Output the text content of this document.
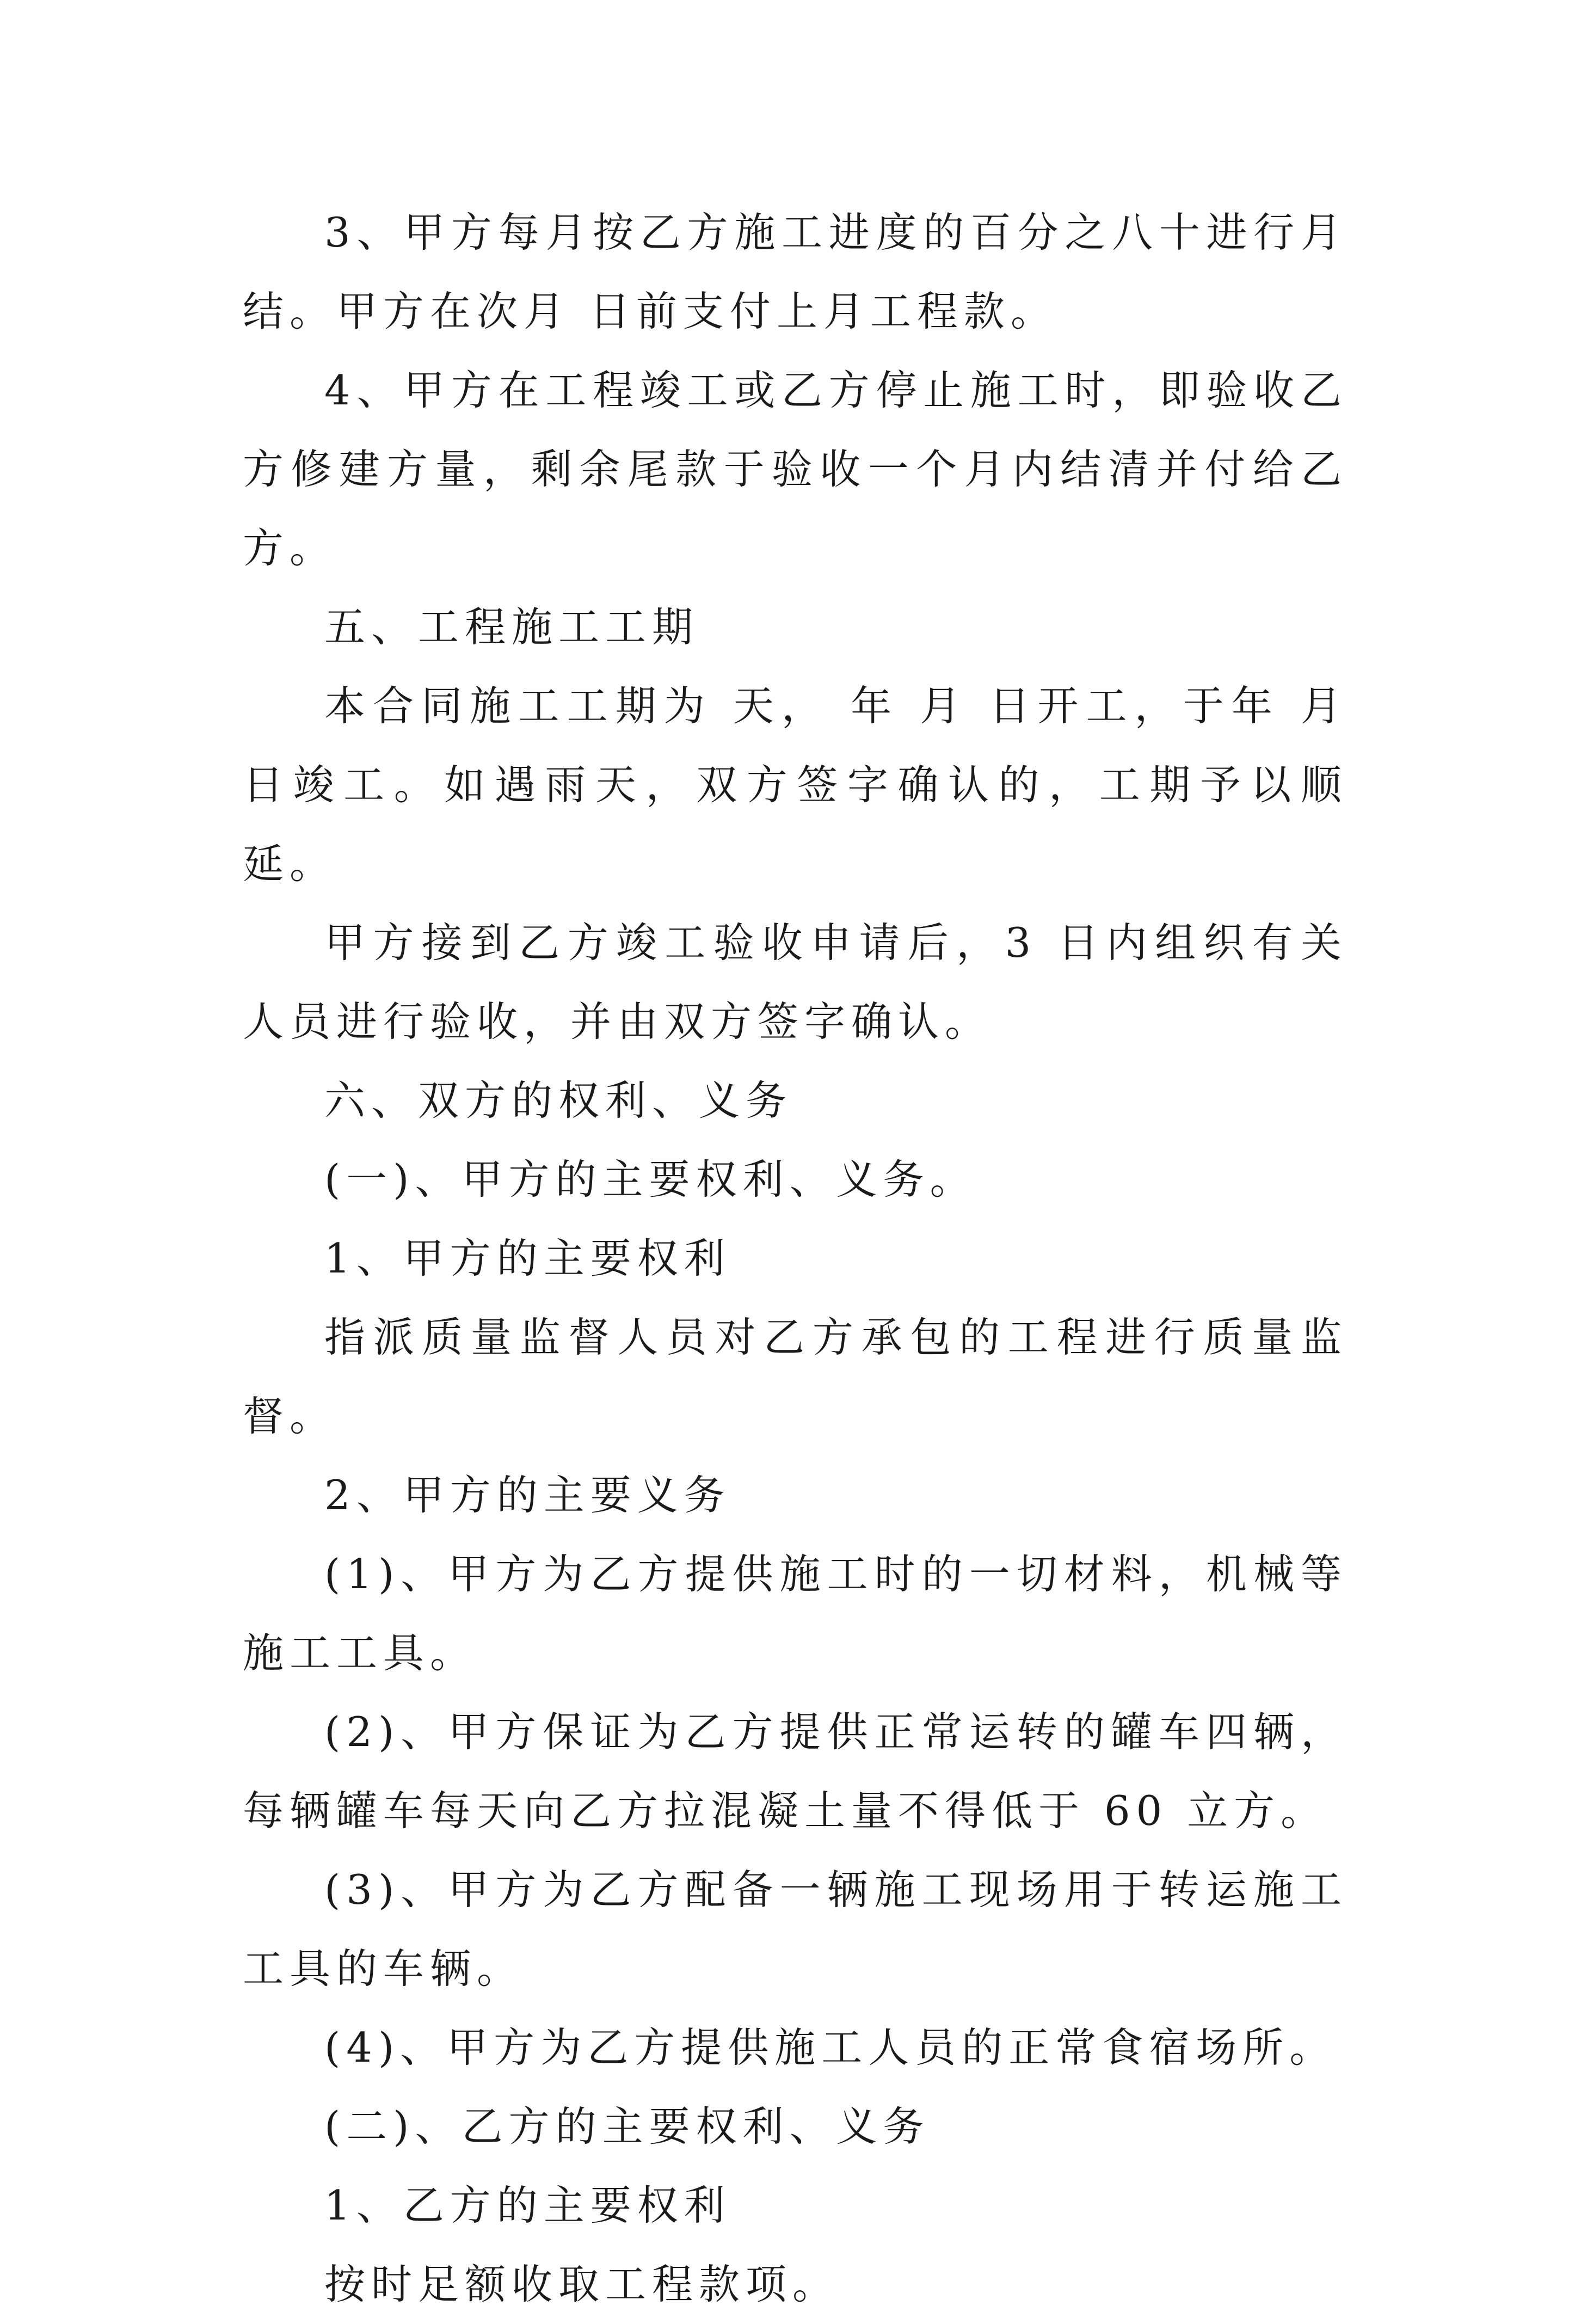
3、甲方每月按乙方施工进度的百分之八十进行月结。甲方在次月 日前支付上月工程款。

4、甲方在工程竣工或乙方停止施工时，即验收乙方修建方量，剩余尾款于验收一个月内结清并付给乙方。

五、工程施工工期

本合同施工工期为 天， 年 月 日开工，于年 月 日竣工。如遇雨天，双方签字确认的，工期予以顺延。

甲方接到乙方竣工验收申请后，3 日内组织有关人员进行验收，并由双方签字确认。

六、双方的权利、义务

(一)、甲方的主要权利、义务。

1、甲方的主要权利

指派质量监督人员对乙方承包的工程进行质量监督。

2、甲方的主要义务

(1)、甲方为乙方提供施工时的一切材料，机械等施工工具。

(2)、甲方保证为乙方提供正常运转的罐车四辆，每辆罐车每天向乙方拉混凝土量不得低于 60 立方。

(3)、甲方为乙方配备一辆施工现场用于转运施工工具的车辆。

(4)、甲方为乙方提供施工人员的正常食宿场所。

(二)、乙方的主要权利、义务

1、乙方的主要权利

按时足额收取工程款项。
